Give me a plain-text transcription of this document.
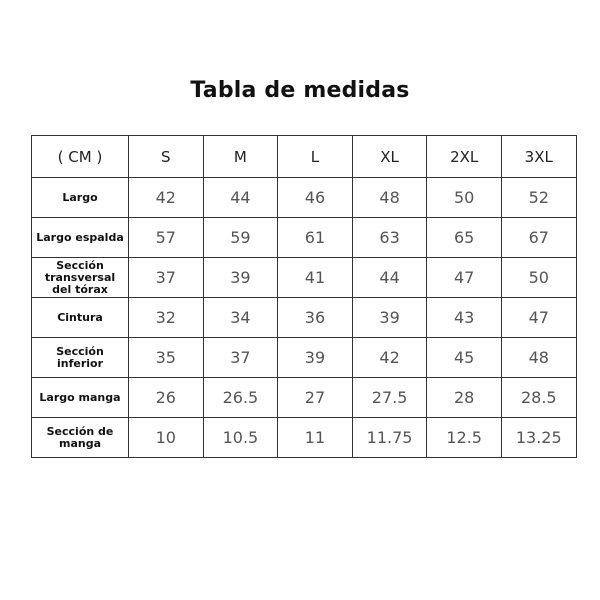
Tabla de medidas
( CM )	S	M	L	XL	2XL	3XL
Largo	42	44	46	48	50	52
Largo espalda	57	59	61	63	65	67
Sección transversal del tórax	37	39	41	44	47	50
Cintura	32	34	36	39	43	47
Sección inferior	35	37	39	42	45	48
Largo manga	26	26.5	27	27.5	28	28.5
Sección de manga	10	10.5	11	11.75	12.5	13.25
